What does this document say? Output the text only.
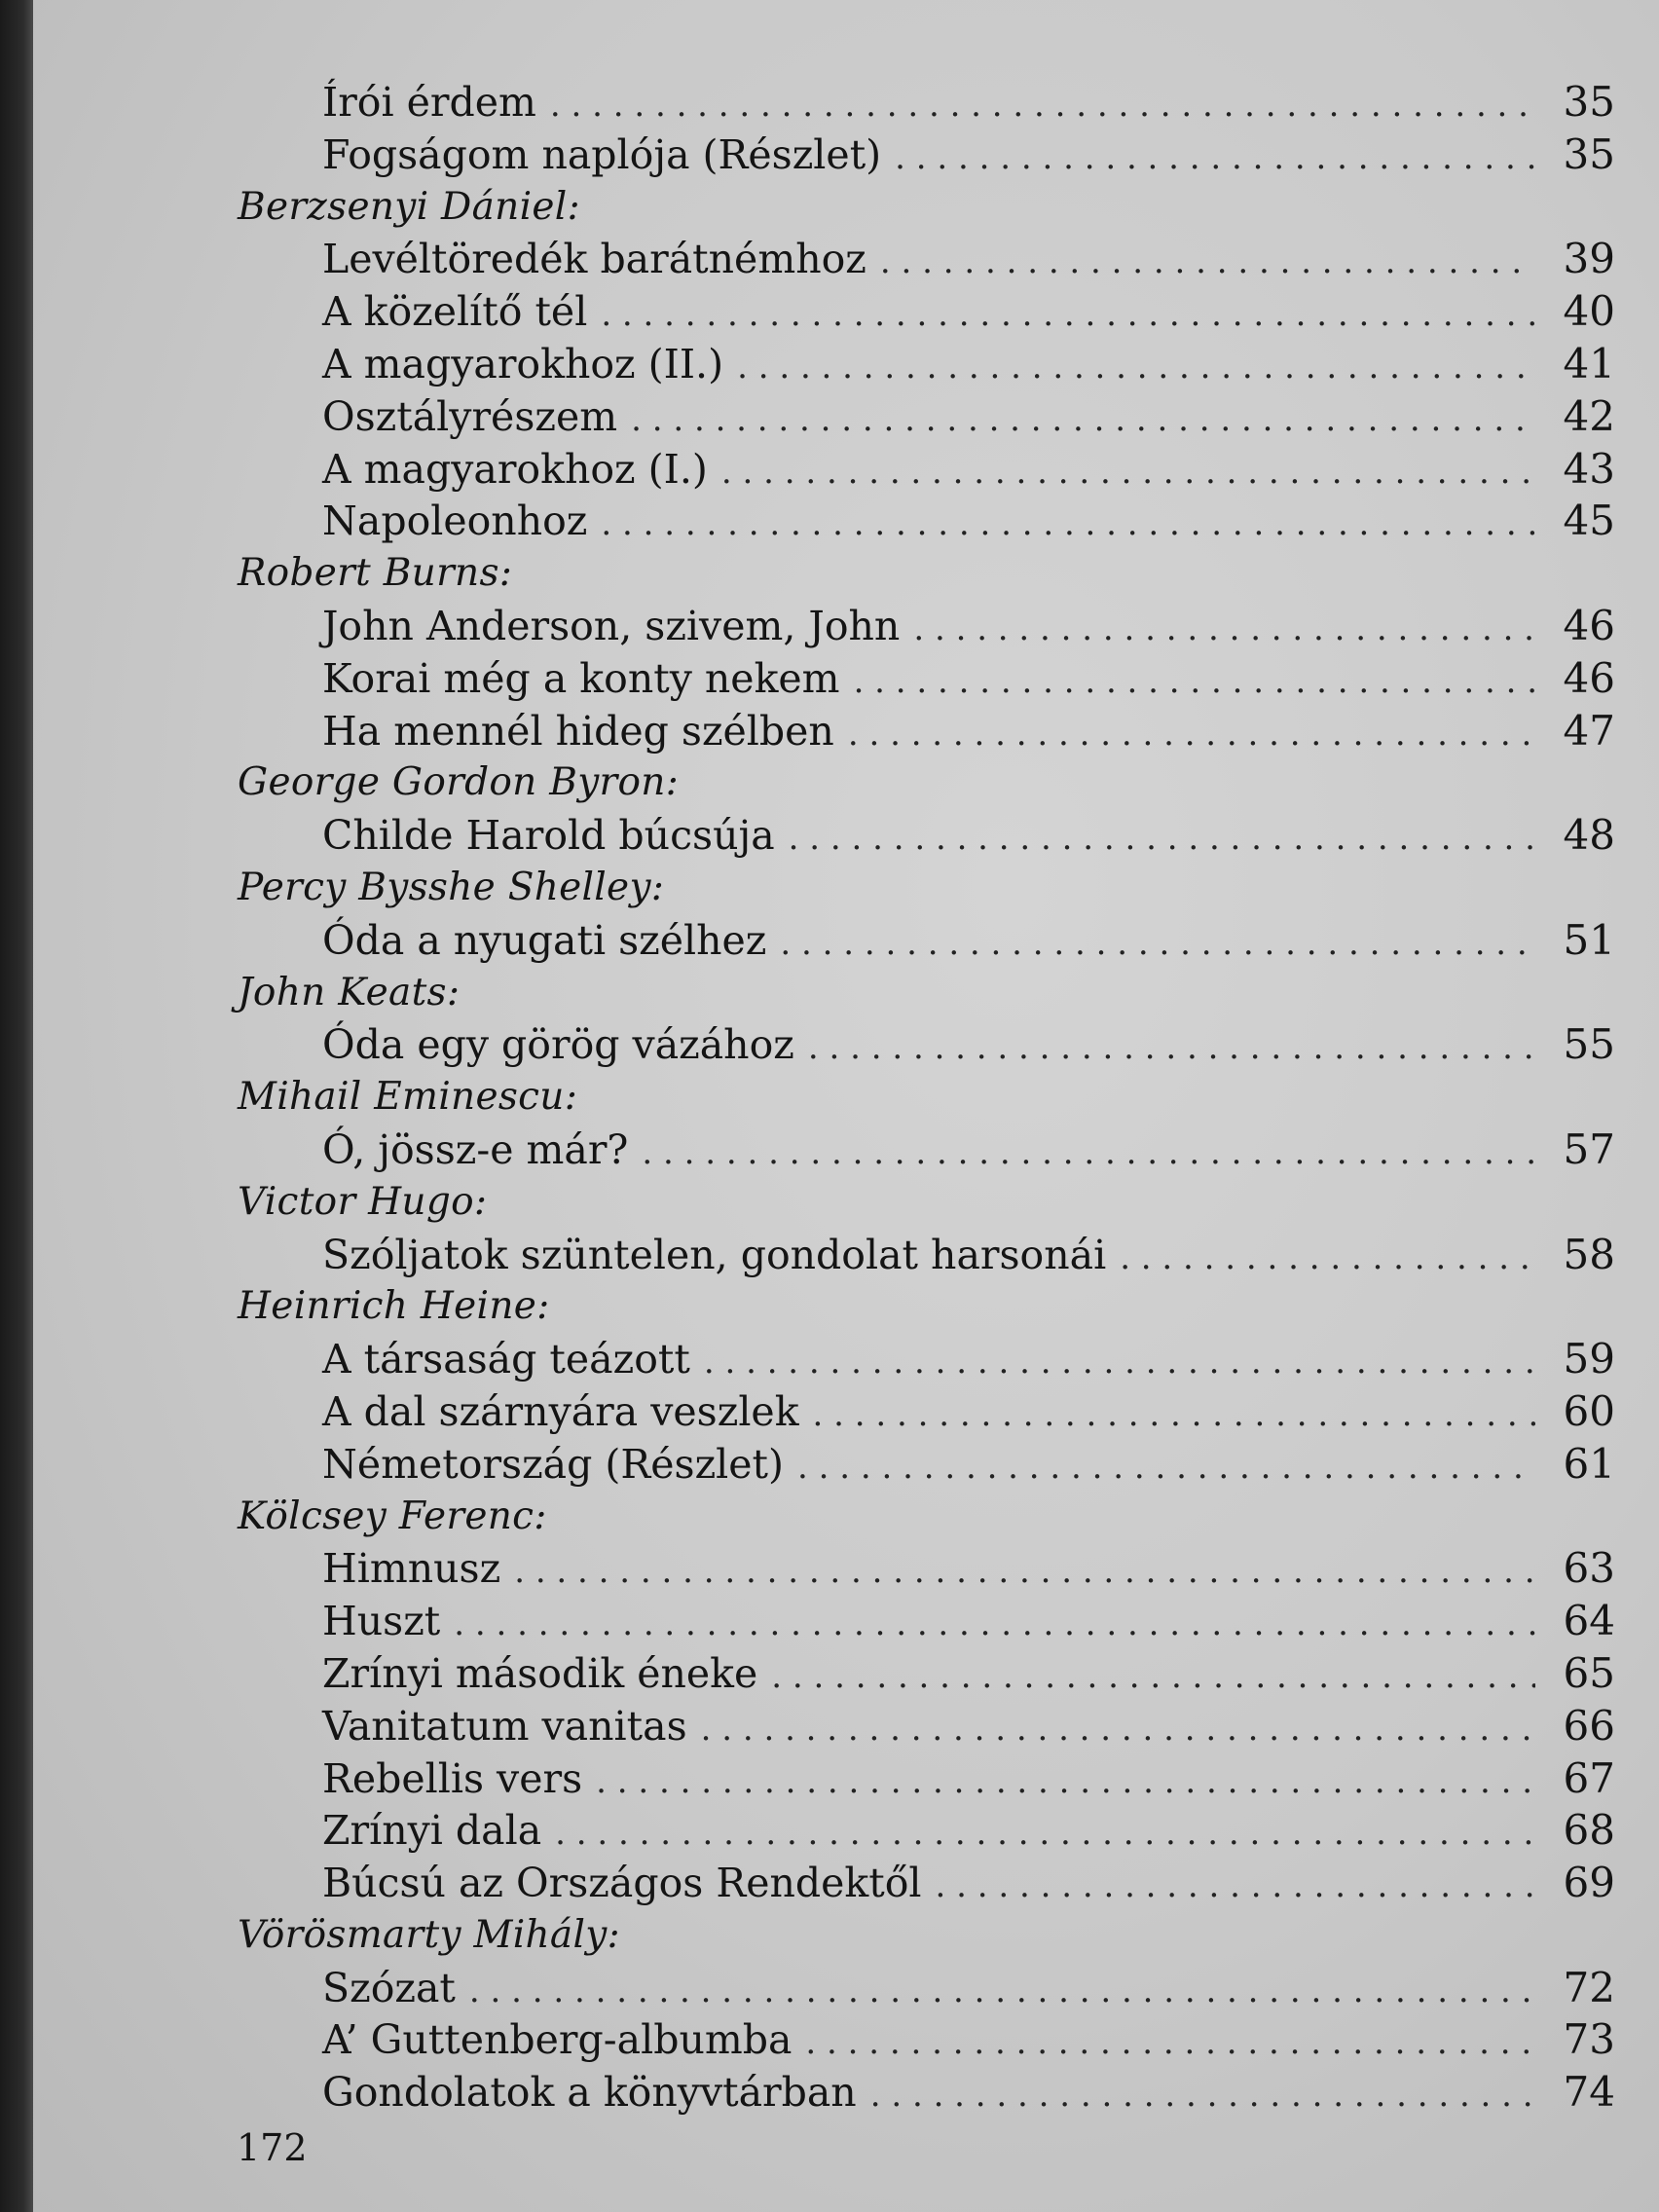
Írói érdem . . .	35
Fogságom naplója (Részlet) . . .	35
Berzsenyi Dániel:
Levéltöredék barátnémhoz . . .	39
A közelítő tél . . .	40
A magyarokhoz (II.) . . .	41
Osztályrészem . . .	42
A magyarokhoz (I.) . . .	43
Napoleonhoz . . .	45
Robert Burns:
John Anderson, szivem, John . . .	46
Korai még a konty nekem . . .	46
Ha mennél hideg szélben . . .	47
George Gordon Byron:
Childe Harold búcsúja . . .	48
Percy Bysshe Shelley:
Óda a nyugati szélhez . . .	51
John Keats:
Óda egy görög vázához . . .	55
Mihail Eminescu:
Ó, jössz-e már? . . .	57
Victor Hugo:
Szóljatok szüntelen, gondolat harsonái . . .	58
Heinrich Heine:
A társaság teázott . . .	59
A dal szárnyára veszlek . . .	60
Németország (Részlet) . . .	61
Kölcsey Ferenc:
Himnusz . . .	63
Huszt . . .	64
Zrínyi második éneke . . .	65
Vanitatum vanitas . . .	66
Rebellis vers . . .	67
Zrínyi dala . . .	68
Búcsú az Országos Rendektől . . .	69
Vörösmarty Mihály:
Szózat . . .	72
A’ Guttenberg-albumba . . .	73
Gondolatok a könyvtárban . . .	74
172
